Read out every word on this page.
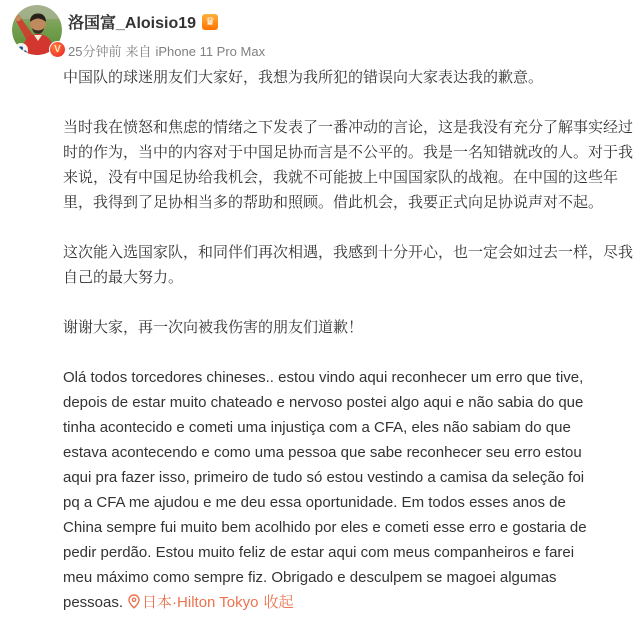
V
洛国富_Aloisio19 ♛
25分钟前 来自 iPhone 11 Pro Max

中国队的球迷朋友们大家好，我想为我所犯的错误向大家表达我的歉意。

当时我在愤怒和焦虑的情绪之下发表了一番冲动的言论，这是我没有充分了解事实经过
时的作为，当中的内容对于中国足协而言是不公平的。我是一名知错就改的人。对于我
来说，没有中国足协给我机会，我就不可能披上中国国家队的战袍。在中国的这些年
里，我得到了足协相当多的帮助和照顾。借此机会，我要正式向足协说声对不起。

这次能入选国家队，和同伴们再次相遇，我感到十分开心，也一定会如过去一样，尽我
自己的最大努力。

谢谢大家，再一次向被我伤害的朋友们道歉！

Olá todos torcedores chineses.. estou vindo aqui reconhecer um erro que tive,
depois de estar muito chateado e nervoso postei algo aqui e não sabia do que
tinha acontecido e cometi uma injustiça com a CFA, eles não sabiam do que
estava acontecendo e como uma pessoa que sabe reconhecer seu erro estou
aqui pra fazer isso, primeiro de tudo só estou vestindo a camisa da seleção foi
pq a CFA me ajudou e me deu essa oportunidade. Em todos esses anos de
China sempre fui muito bem acolhido por eles e cometi esse erro e gostaria de
pedir perdão. Estou muito feliz de estar aqui com meus companheiros e farei
meu máximo como sempre fiz. Obrigado e desculpem se magoei algumas
pessoas. 日本·Hilton Tokyo 收起
